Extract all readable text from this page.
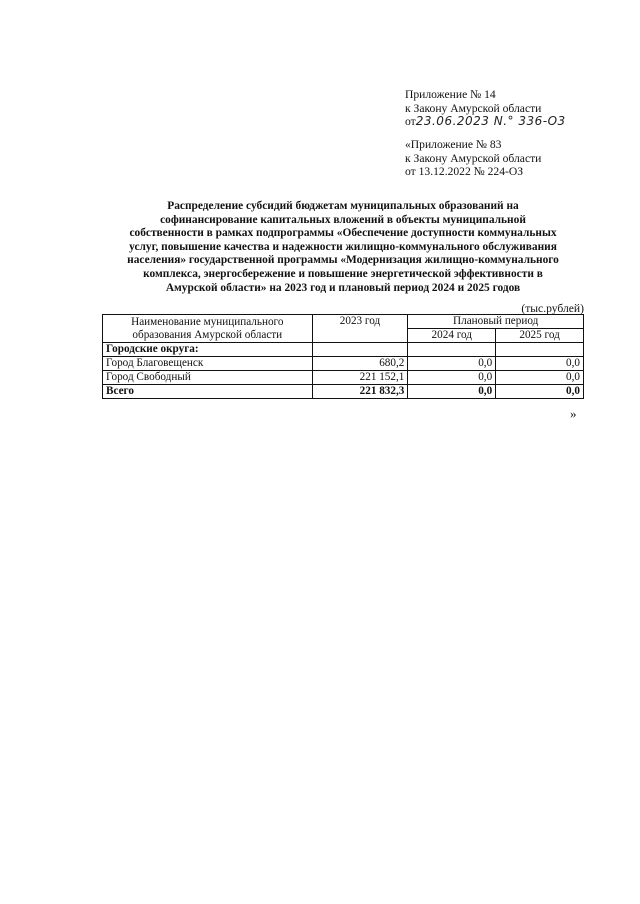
Приложение № 14
к Закону Амурской области
от23.06.2023 N.° 336-O3
«Приложение № 83
к Закону Амурской области
от 13.12.2022 № 224-ОЗ
Распределение субсидий бюджетам муниципальных образований на
софинансирование капитальных вложений в объекты муниципальной
собственности в рамках подпрограммы «Обеспечение доступности коммунальных
услуг, повышение качества и надежности жилищно-коммунального обслуживания
населения» государственной программы «Модернизация жилищно-коммунального
комплекса, энергосбережение и повышение энергетической эффективности в
Амурской области» на 2023 год и плановый период 2024 и 2025 годов
(тыс.рублей)
Наименование муниципального
образования Амурской области	2023 год	Плановый период	
		2024 год	2025 год
Городские округа:			
Город Благовещенск	680,2	0,0	0,0
Город Свободный	221 152,1	0,0	0,0
Всего	221 832,3	0,0	0,0
»
